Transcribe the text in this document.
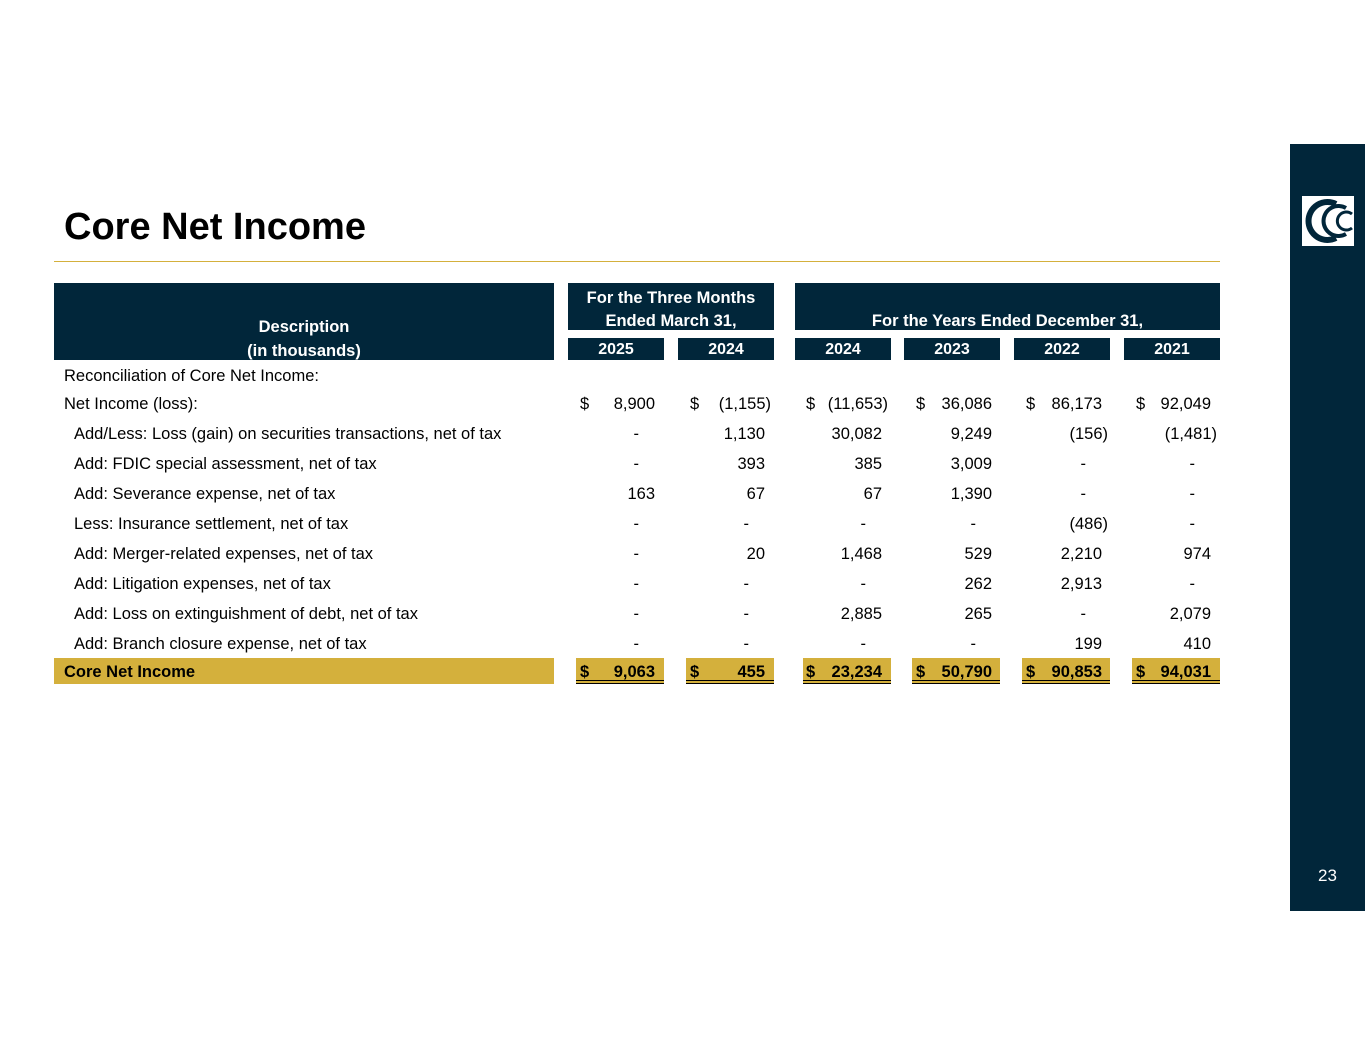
Core Net Income
Description
(in thousands)
For the Three Months
Ended March 31,	For the Years Ended December 31,
2025	2024	2024	2023	2022	2021
Reconciliation of Core Net Income:
Net Income (loss):	$	8,900 $	(1,155) $ (11,653) $ 36,086 $ 86,173 $ 92,049
Add/Less: Loss (gain) on securities transactions, net of tax	-	1,130	30,082	9,249	(156)	(1,481)
Add: FDIC special assessment, net of tax	-	393	385	3,009	-	-
Add: Severance expense, net of tax	163	67	67	1,390	-	-
Less: Insurance settlement, net of tax	-	-	-	-	(486)	-
Add: Merger-related expenses, net of tax	-	20	1,468	529	2,210	974
Add: Litigation expenses, net of tax	-	-	-	262	2,913	-
Add: Loss on extinguishment of debt, net of tax	-	-	2,885	265	-	2,079
Add: Branch closure expense, net of tax	-	-	-	-	199	410
Core Net Income	$	9,063 $	455 $ 23,234 $ 50,790 $ 90,853 $ 94,031
23
